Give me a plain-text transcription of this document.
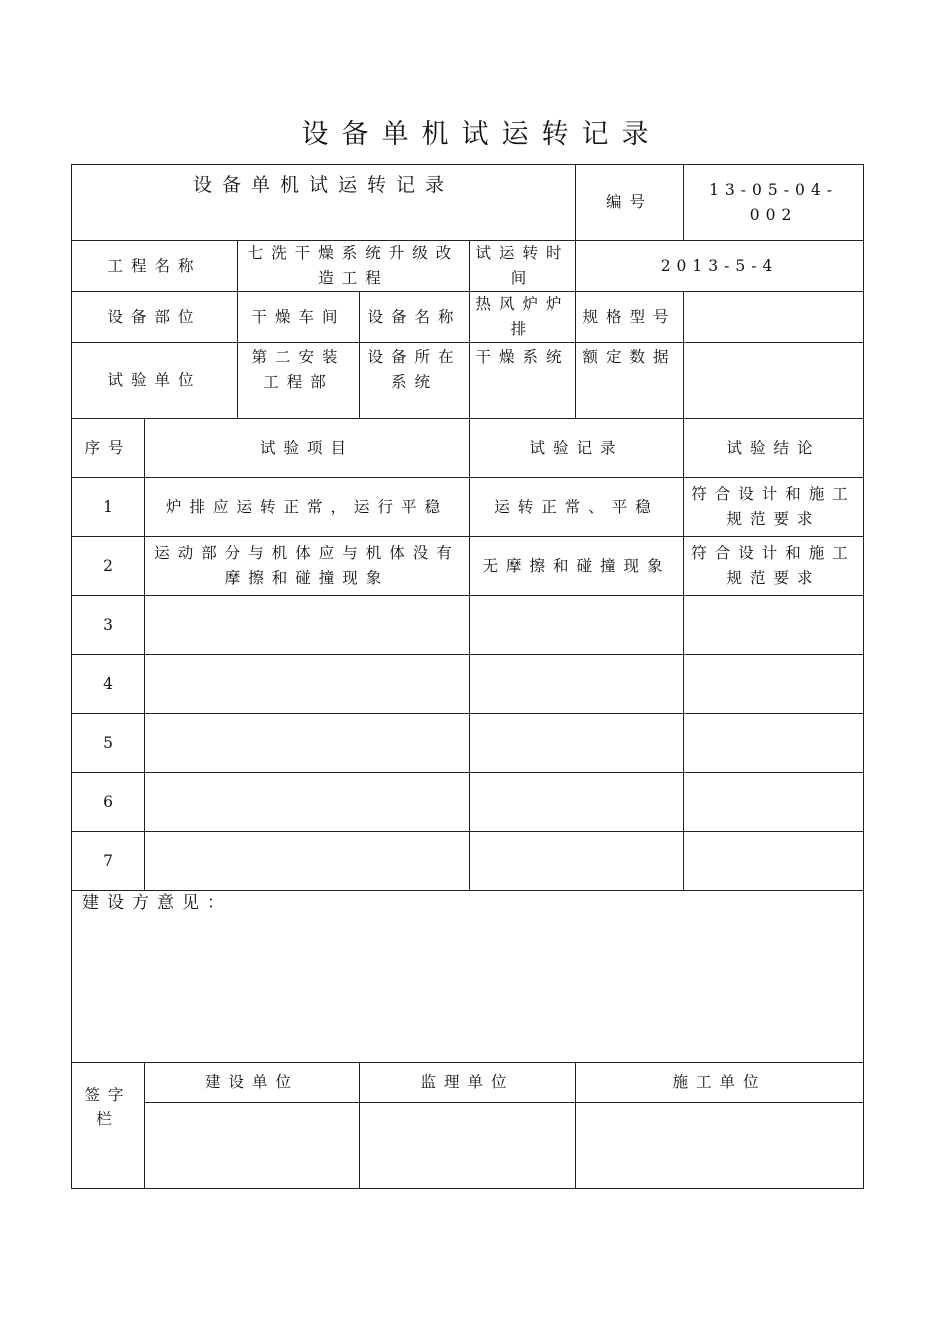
设备单机试运转记录
设备单机试运转记录					编号	13-05-04-002
工程名称		七洗干燥系统升级改造工程		试运转时间	2013-5-4	
设备部位		干燥车间	设备名称	热风炉炉排	规格型号	
试验单位		第二安装工程部	设备所在系统	干燥系统	额定数据	
序号	试验项目			试验记录		试验结论
1	炉排应运转正常，运行平稳			运转正常、平稳		符合设计和施工规范要求
2	运动部分与机体应与机体没有摩擦和碰撞现象			无摩擦和碰撞现象		符合设计和施工规范要求
3						
4						
5						
6						
7						
建设方意见：						
签字栏	建设单位		监理单位		施工单位	
